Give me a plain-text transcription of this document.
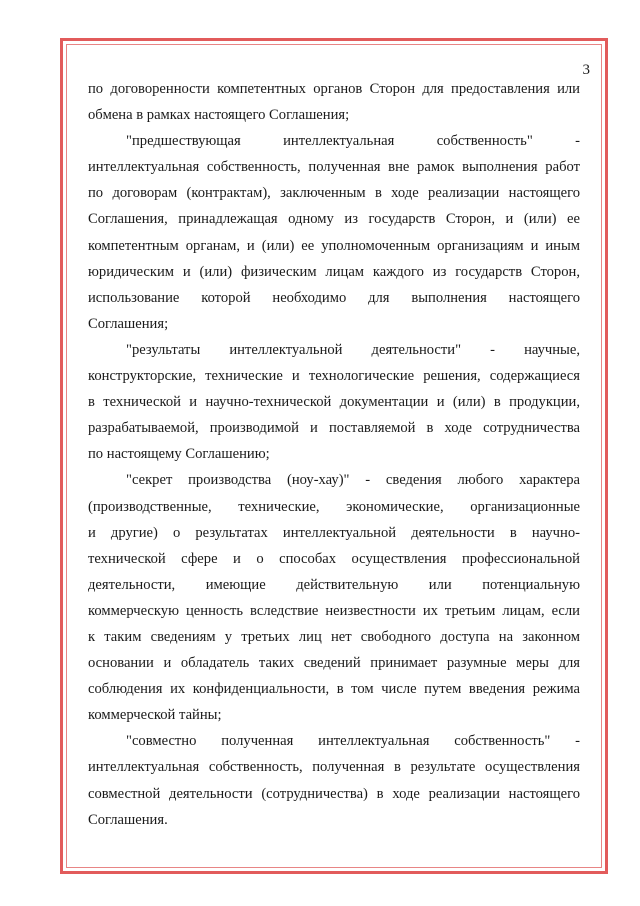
3

по договоренности компетентных органов Сторон для предоставления или
обмена в рамках настоящего Соглашения;

"предшествующая интеллектуальная собственность" -
интеллектуальная собственность, полученная вне рамок выполнения работ
по договорам (контрактам), заключенным в ходе реализации настоящего
Соглашения, принадлежащая одному из государств Сторон, и (или) ее
компетентным органам, и (или) ее уполномоченным организациям и иным
юридическим и (или) физическим лицам каждого из государств Сторон,
использование которой необходимо для выполнения настоящего
Соглашения;

"результаты интеллектуальной деятельности" - научные,
конструкторские, технические и технологические решения, содержащиеся
в технической и научно-технической документации и (или) в продукции,
разрабатываемой, производимой и поставляемой в ходе сотрудничества
по настоящему Соглашению;

"секрет производства (ноу-хау)" - сведения любого характера
(производственные, технические, экономические, организационные
и другие) о результатах интеллектуальной деятельности в научно-
технической сфере и о способах осуществления профессиональной
деятельности, имеющие действительную или потенциальную
коммерческую ценность вследствие неизвестности их третьим лицам, если
к таким сведениям у третьих лиц нет свободного доступа на законном
основании и обладатель таких сведений принимает разумные меры для
соблюдения их конфиденциальности, в том числе путем введения режима
коммерческой тайны;

"совместно полученная интеллектуальная собственность" -
интеллектуальная собственность, полученная в результате осуществления
совместной деятельности (сотрудничества) в ходе реализации настоящего
Соглашения.
